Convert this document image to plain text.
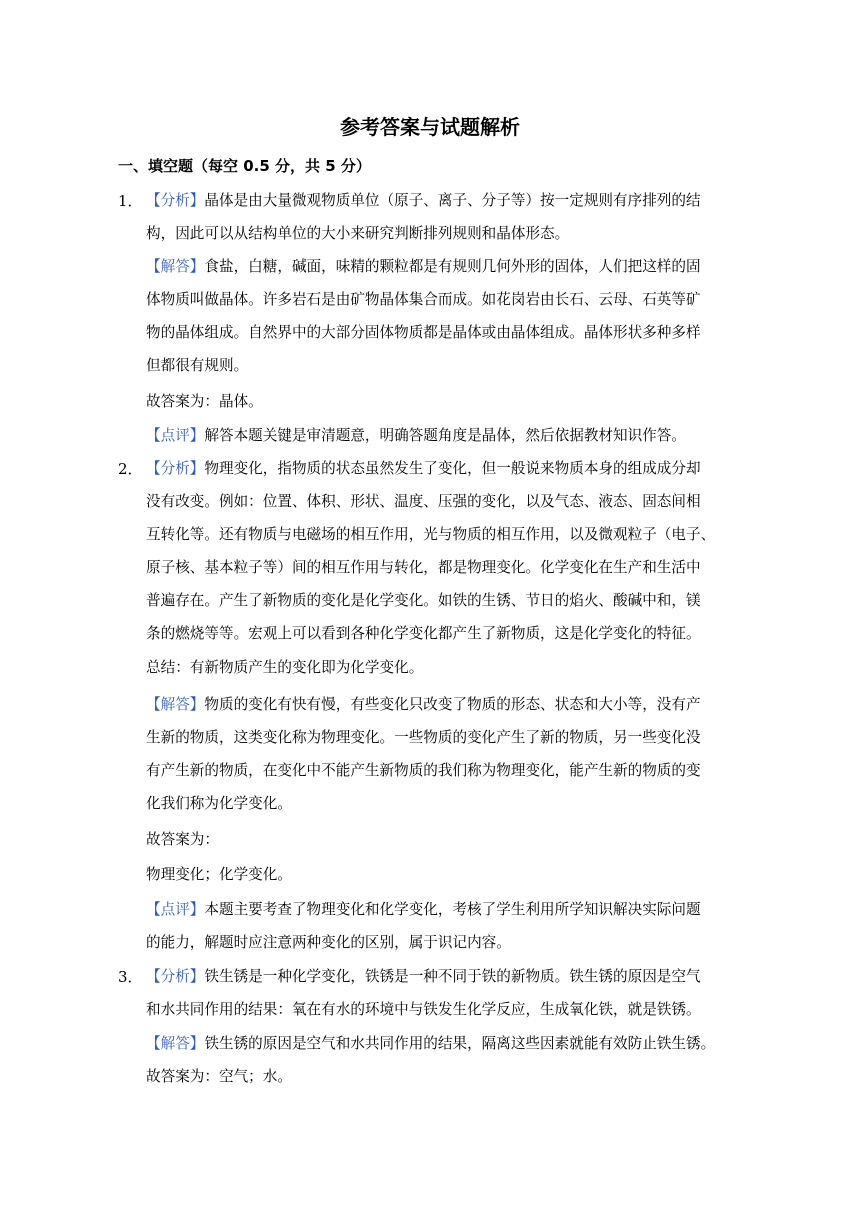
参考答案与试题解析
一、填空题（每空 0.5 分，共 5 分）
1． 【分析】晶体是由大量微观物质单位（原子、离子、分子等）按一定规则有序排列的结
构，因此可以从结构单位的大小来研究判断排列规则和晶体形态。
【解答】食盐，白糖，碱面，味精的颗粒都是有规则几何外形的固体，人们把这样的固
体物质叫做晶体。许多岩石是由矿物晶体集合而成。如花岗岩由长石、云母、石英等矿
物的晶体组成。自然界中的大部分固体物质都是晶体或由晶体组成。晶体形状多种多样
但都很有规则。
故答案为：晶体。
【点评】解答本题关键是审清题意，明确答题角度是晶体，然后依据教材知识作答。
2． 【分析】物理变化，指物质的状态虽然发生了变化，但一般说来物质本身的组成成分却
没有改变。例如：位置、体积、形状、温度、压强的变化，以及气态、液态、固态间相
互转化等。还有物质与电磁场的相互作用，光与物质的相互作用，以及微观粒子（电子、
原子核、基本粒子等）间的相互作用与转化，都是物理变化。化学变化在生产和生活中
普遍存在。产生了新物质的变化是化学变化。如铁的生锈、节日的焰火、酸碱中和，镁
条的燃烧等等。宏观上可以看到各种化学变化都产生了新物质，这是化学变化的特征。
总结：有新物质产生的变化即为化学变化。
【解答】物质的变化有快有慢，有些变化只改变了物质的形态、状态和大小等，没有产
生新的物质，这类变化称为物理变化。一些物质的变化产生了新的物质，另一些变化没
有产生新的物质，在变化中不能产生新物质的我们称为物理变化，能产生新的物质的变
化我们称为化学变化。
故答案为：
物理变化；化学变化。
【点评】本题主要考查了物理变化和化学变化，考核了学生利用所学知识解决实际问题
的能力，解题时应注意两种变化的区别，属于识记内容。
3． 【分析】铁生锈是一种化学变化，铁锈是一种不同于铁的新物质。铁生锈的原因是空气
和水共同作用的结果：氧在有水的环境中与铁发生化学反应，生成氧化铁，就是铁锈。
【解答】铁生锈的原因是空气和水共同作用的结果，隔离这些因素就能有效防止铁生锈。
故答案为：空气；水。
